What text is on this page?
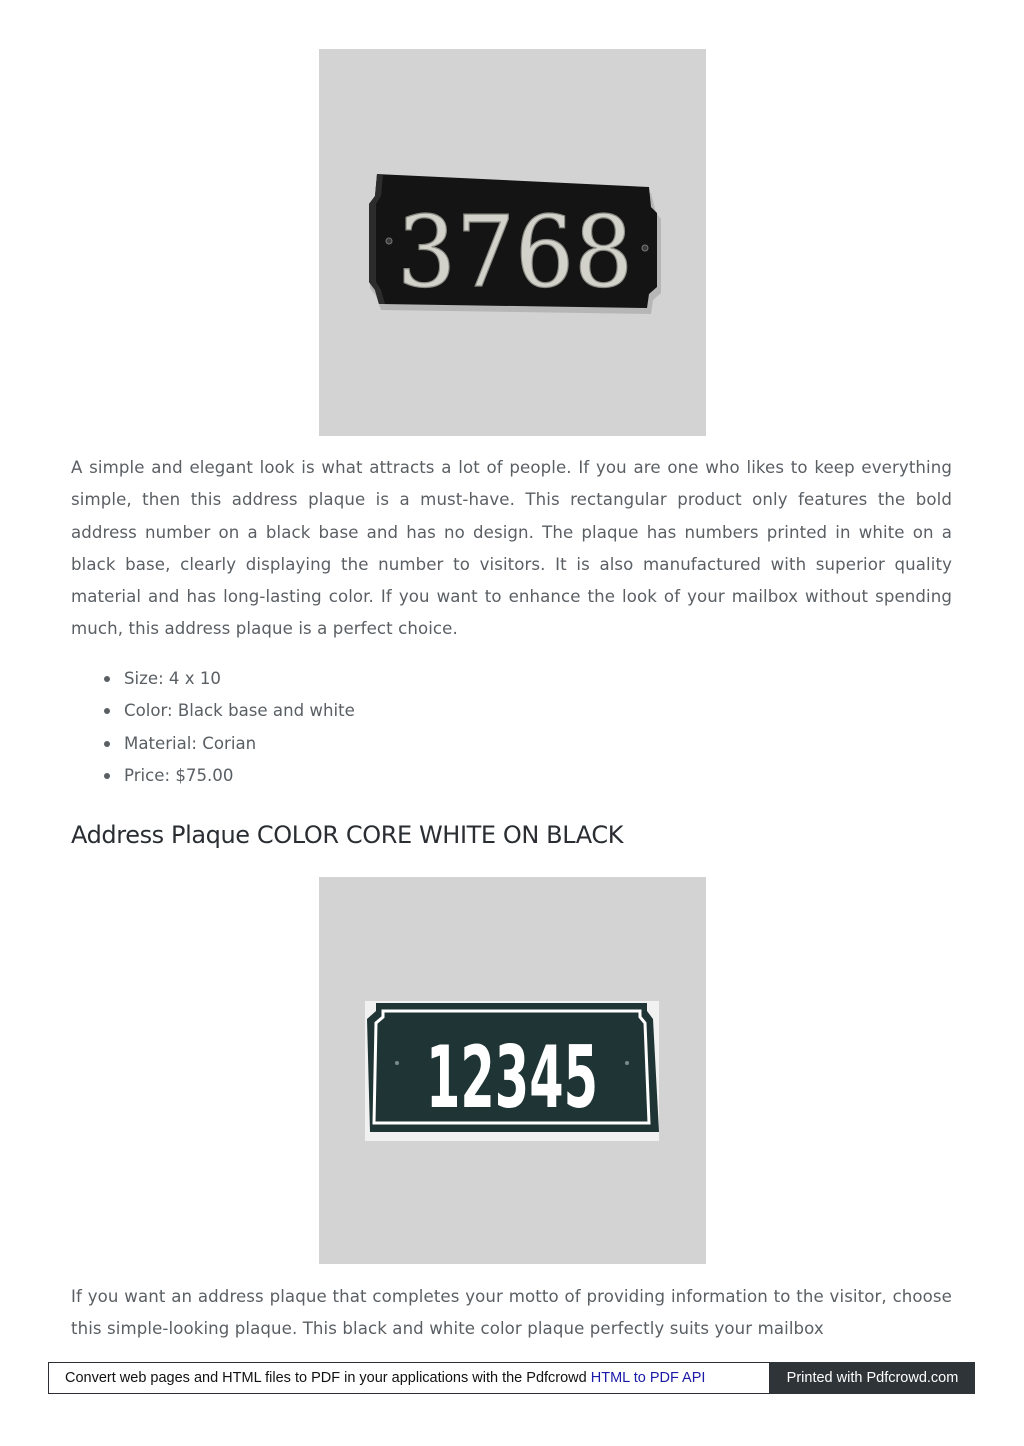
3768

A simple and elegant look is what attracts a lot of people. If you are one who likes to keep everything simple, then this address plaque is a must-have. This rectangular product only features the bold address number on a black base and has no design. The plaque has numbers printed in white on a black base, clearly displaying the number to visitors. It is also manufactured with superior quality material and has long-lasting color. If you want to enhance the look of your mailbox without spending much, this address plaque is a perfect choice.

Size: 4 x 10
Color: Black base and white
Material: Corian
Price: $75.00
Address Plaque COLOR CORE WHITE ON BLACK
12345

If you want an address plaque that completes your motto of providing information to the visitor, choose this simple-looking plaque. This black and white color plaque perfectly suits your mailbox

Convert web pages and HTML files to PDF in your applications with the Pdfcrowd HTML to PDF API	Printed with Pdfcrowd.com
